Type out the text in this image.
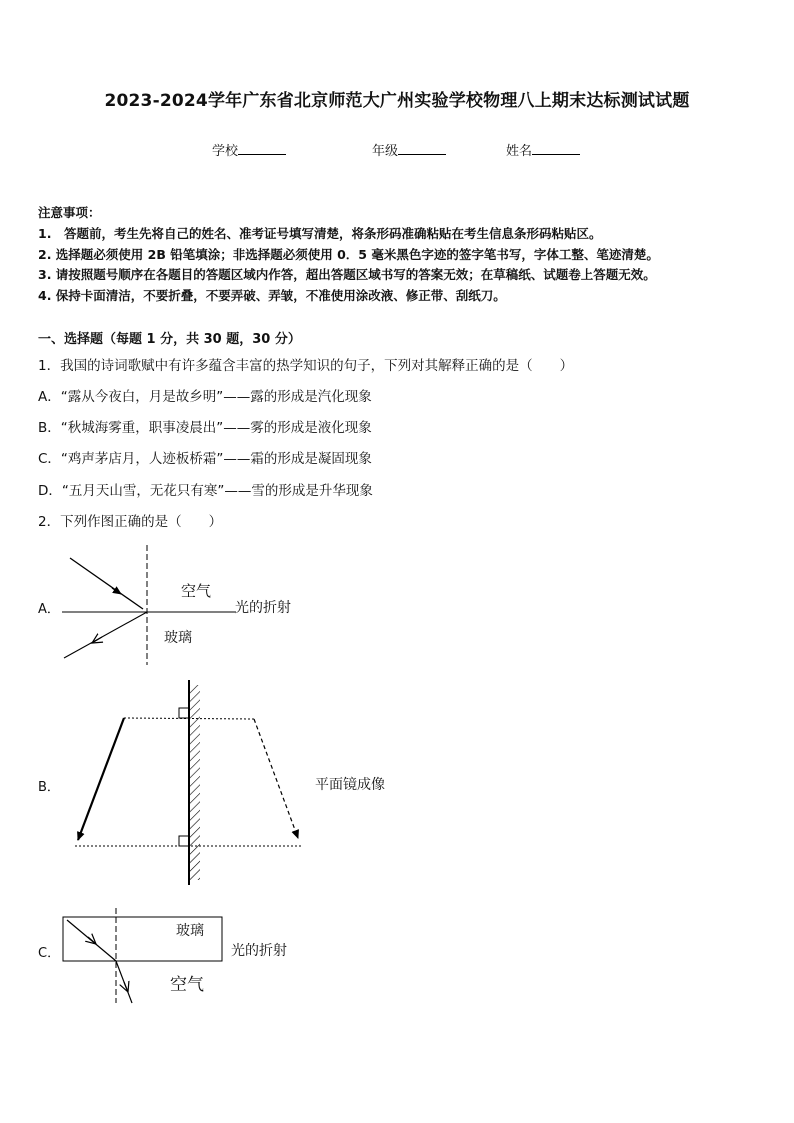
2023-2024学年广东省北京师范大广州实验学校物理八上期末达标测试试题
学校	年级	姓名
注意事项：
1.　答题前，考生先将自己的姓名、准考证号填写清楚，将条形码准确粘贴在考生信息条形码粘贴区。
2. 选择题必须使用 2B 铅笔填涂；非选择题必须使用 0．5 毫米黑色字迹的签字笔书写，字体工整、笔迹清楚。
3. 请按照题号顺序在各题目的答题区域内作答，超出答题区域书写的答案无效；在草稿纸、试题卷上答题无效。
4. 保持卡面清洁，不要折叠，不要弄破、弄皱，不准使用涂改液、修正带、刮纸刀。
一、选择题（每题 1 分，共 30 题，30 分）
1．我国的诗词歌赋中有许多蕴含丰富的热学知识的句子，下列对其解释正确的是（　　）
A．“露从今夜白，月是故乡明”——露的形成是汽化现象
B．“秋城海雾重，职事凌晨出”——雾的形成是液化现象
C．“鸡声茅店月，人迹板桥霜”——霜的形成是凝固现象
D．“五月天山雪，无花只有寒”——雪的形成是升华现象
2．下列作图正确的是（　　）
A．
空气
玻璃
光的折射
B．	平面镜成像
C．
玻璃
空气
光的折射
